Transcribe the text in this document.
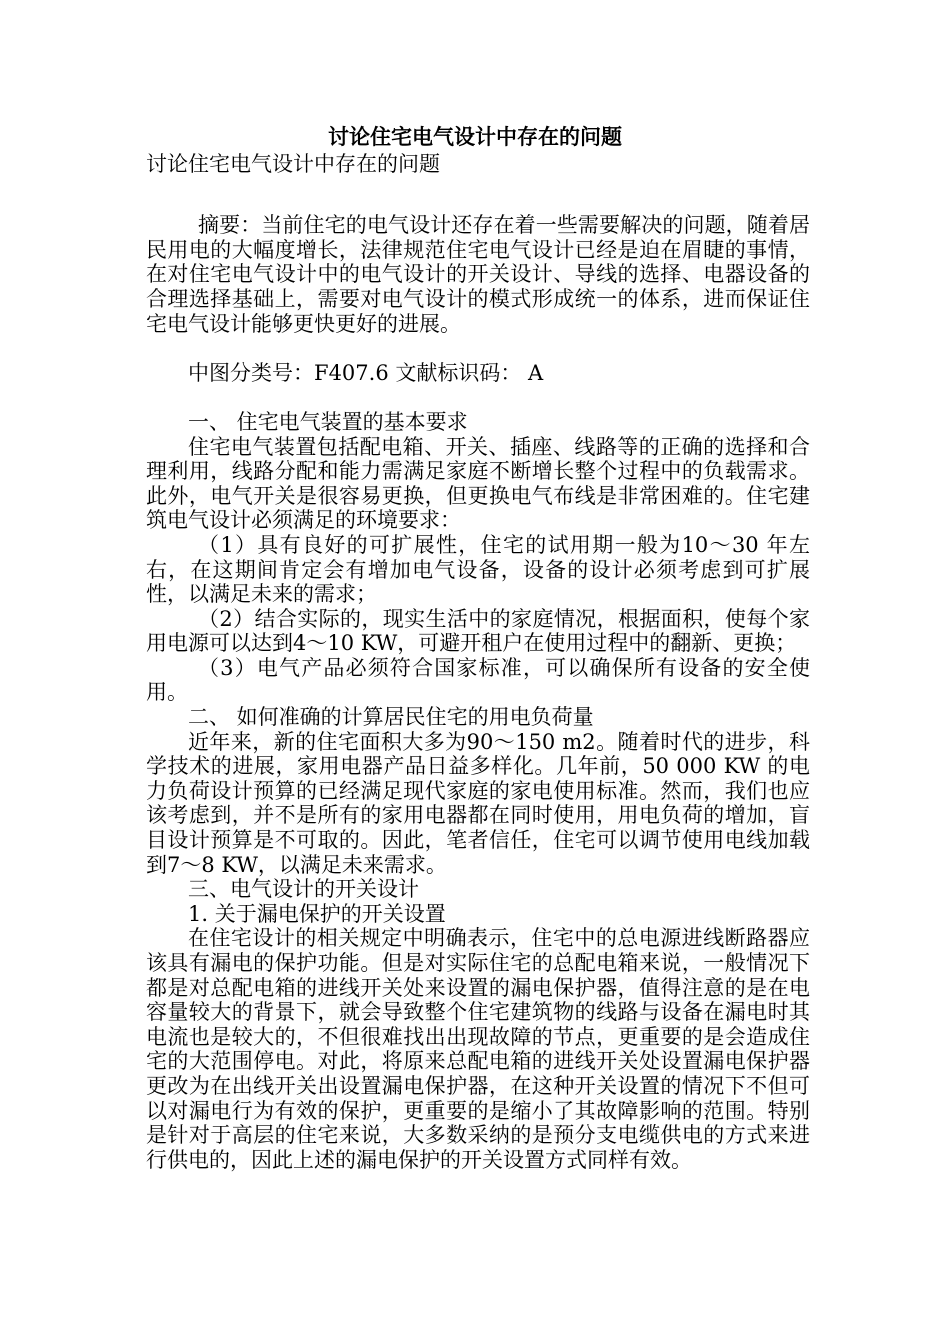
讨论住宅电气设计中存在的问题

讨论住宅电气设计中存在的问题

摘要：当前住宅的电气设计还存在着一些需要解决的问题，随着居民用电的大幅度增长，法律规范住宅电气设计已经是迫在眉睫的事情，在对住宅电气设计中的电气设计的开关设计、导线的选择、电器设备的合理选择基础上，需要对电气设计的模式形成统一的体系，进而保证住宅电气设计能够更快更好的进展。

中图分类号：F407.6 文献标识码： A

一、 住宅电气装置的基本要求

住宅电气装置包括配电箱、开关、插座、线路等的正确的选择和合理利用，线路分配和能力需满足家庭不断增长整个过程中的负载需求。此外，电气开关是很容易更换，但更换电气布线是非常困难的。住宅建筑电气设计必须满足的环境要求：

（1）具有良好的可扩展性，住宅的试用期一般为10～30 年左右，在这期间肯定会有增加电气设备，设备的设计必须考虑到可扩展性，以满足未来的需求；

（2）结合实际的，现实生活中的家庭情况，根据面积，使每个家用电源可以达到4～10 KW，可避开租户在使用过程中的翻新、更换；

（3）电气产品必须符合国家标准，可以确保所有设备的安全使用。

二、 如何准确的计算居民住宅的用电负荷量

近年来，新的住宅面积大多为90～150 m2。随着时代的进步，科学技术的进展，家用电器产品日益多样化。几年前，50 000 KW 的电力负荷设计预算的已经满足现代家庭的家电使用标准。然而，我们也应该考虑到，并不是所有的家用电器都在同时使用，用电负荷的增加，盲目设计预算是不可取的。因此，笔者信任，住宅可以调节使用电线加载到7～8 KW，以满足未来需求。

三、电气设计的开关设计

1. 关于漏电保护的开关设置

在住宅设计的相关规定中明确表示，住宅中的总电源进线断路器应该具有漏电的保护功能。但是对实际住宅的总配电箱来说，一般情况下都是对总配电箱的进线开关处来设置的漏电保护器，值得注意的是在电容量较大的背景下，就会导致整个住宅建筑物的线路与设备在漏电时其电流也是较大的，不但很难找出出现故障的节点，更重要的是会造成住宅的大范围停电。对此，将原来总配电箱的进线开关处设置漏电保护器更改为在出线开关出设置漏电保护器，在这种开关设置的情况下不但可以对漏电行为有效的保护，更重要的是缩小了其故障影响的范围。特别是针对于高层的住宅来说，大多数采纳的是预分支电缆供电的方式来进行供电的，因此上述的漏电保护的开关设置方式同样有效。
